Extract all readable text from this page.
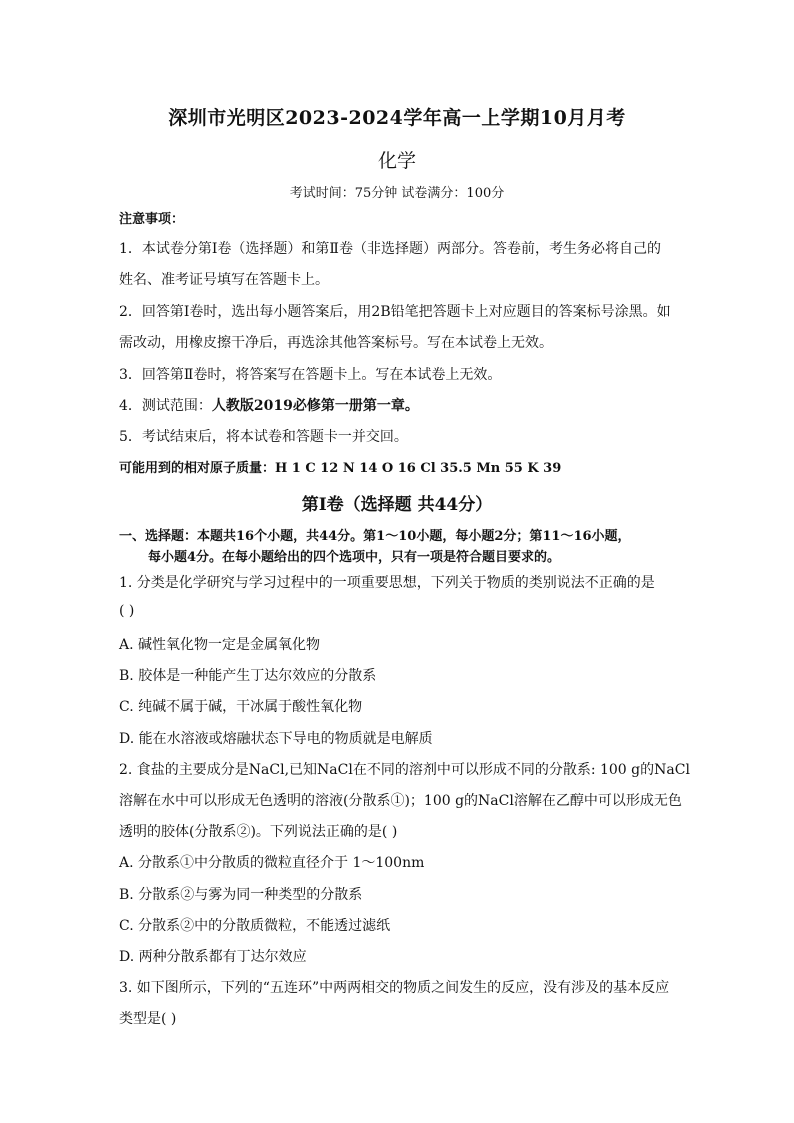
深圳市光明区2023-2024学年高一上学期10月月考
化学
考试时间：75分钟 试卷满分：100分
注意事项：
1．本试卷分第Ⅰ卷（选择题）和第Ⅱ卷（非选择题）两部分。答卷前，考生务必将自己的
姓名、准考证号填写在答题卡上。
2．回答第Ⅰ卷时，选出每小题答案后，用2B铅笔把答题卡上对应题目的答案标号涂黑。如
需改动，用橡皮擦干净后，再选涂其他答案标号。写在本试卷上无效。
3．回答第Ⅱ卷时，将答案写在答题卡上。写在本试卷上无效。
4．测试范围：人教版2019必修第一册第一章。
5．考试结束后，将本试卷和答题卡一并交回。
可能用到的相对原子质量：H 1 C 12 N 14 O 16 Cl 35.5 Mn 55 K 39
第Ⅰ卷（选择题 共44分）
一、选择题：本题共16个小题，共44分。第1～10小题，每小题2分；第11～16小题，
每小题4分。在每小题给出的四个选项中，只有一项是符合题目要求的。
1. 分类是化学研究与学习过程中的一项重要思想，下列关于物质的类别说法不正确的是
( )
A. 碱性氧化物一定是金属氧化物
B. 胶体是一种能产生丁达尔效应的分散系
C. 纯碱不属于碱，干冰属于酸性氧化物
D. 能在水溶液或熔融状态下导电的物质就是电解质
2. 食盐的主要成分是NaCl,已知NaCl在不同的溶剂中可以形成不同的分散系: 100 g的NaCl
溶解在水中可以形成无色透明的溶液(分散系①)；100 g的NaCl溶解在乙醇中可以形成无色
透明的胶体(分散系②)。下列说法正确的是( )
A. 分散系①中分散质的微粒直径介于 1～100nm
B. 分散系②与雾为同一种类型的分散系
C. 分散系②中的分散质微粒，不能透过滤纸
D. 两种分散系都有丁达尔效应
3. 如下图所示，下列的“五连环”中两两相交的物质之间发生的反应，没有涉及的基本反应
类型是( )
